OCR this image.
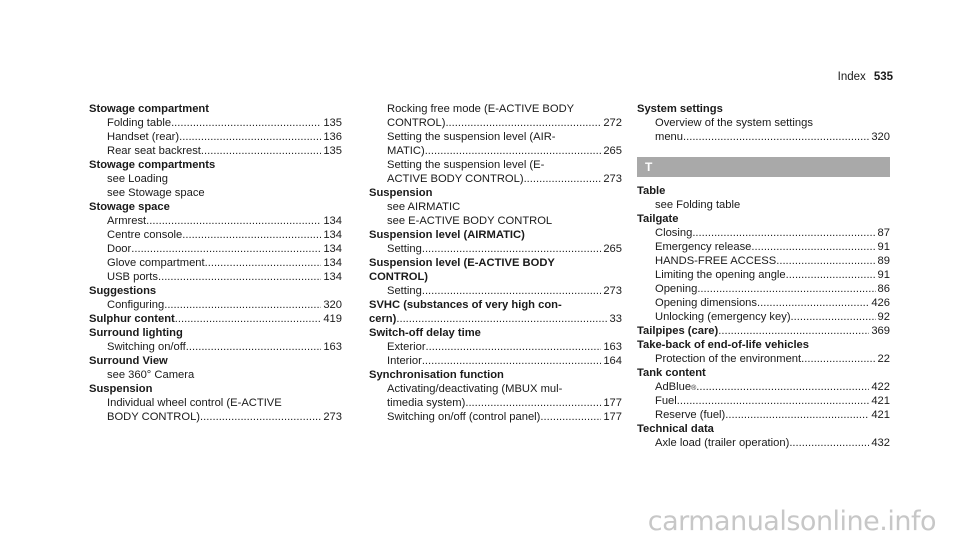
Index 535
Stowage compartment
Folding table .....	135
Handset (rear) .....	136
Rear seat backrest .....	135
Stowage compartments
see Loading
see Stowage space
Stowage space
Armrest .....	134
Centre console .....	134
Door .....	134
Glove compartment .....	134
USB ports .....	134
Suggestions
Configuring .....	320
Sulphur content .....	419
Surround lighting
Switching on/off .....	163
Surround View
see 360° Camera
Suspension
Individual wheel control (E-ACTIVE
BODY CONTROL) .....	273
Rocking free mode (E-ACTIVE BODY
CONTROL) .....	272
Setting the suspension level (AIR-
MATIC) .....	265
Setting the suspension level (E-
ACTIVE BODY CONTROL) .....	273
Suspension
see AIRMATIC
see E-ACTIVE BODY CONTROL
Suspension level (AIRMATIC)
Setting .....	265
Suspension level (E-ACTIVE BODY
CONTROL)
Setting .....	273
SVHC (substances of very high con-
cern) .....	33
Switch-off delay time
Exterior .....	163
Interior .....	164
Synchronisation function
Activating/deactivating (MBUX mul-
timedia system) .....	177
Switching on/off (control panel) .....	177
System settings
Overview of the system settings
menu .....	320
T
Table
see Folding table
Tailgate
Closing .....	87
Emergency release .....	91
HANDS-FREE ACCESS .....	89
Limiting the opening angle .....	91
Opening .....	86
Opening dimensions .....	426
Unlocking (emergency key) .....	92
Tailpipes (care) .....	369
Take-back of end-of-life vehicles
Protection of the environment .....	22
Tank content
AdBlue ® .....	422
Fuel .....	421
Reserve (fuel) .....	421
Technical data
Axle load (trailer operation) .....	432
carmanualsonline.info
